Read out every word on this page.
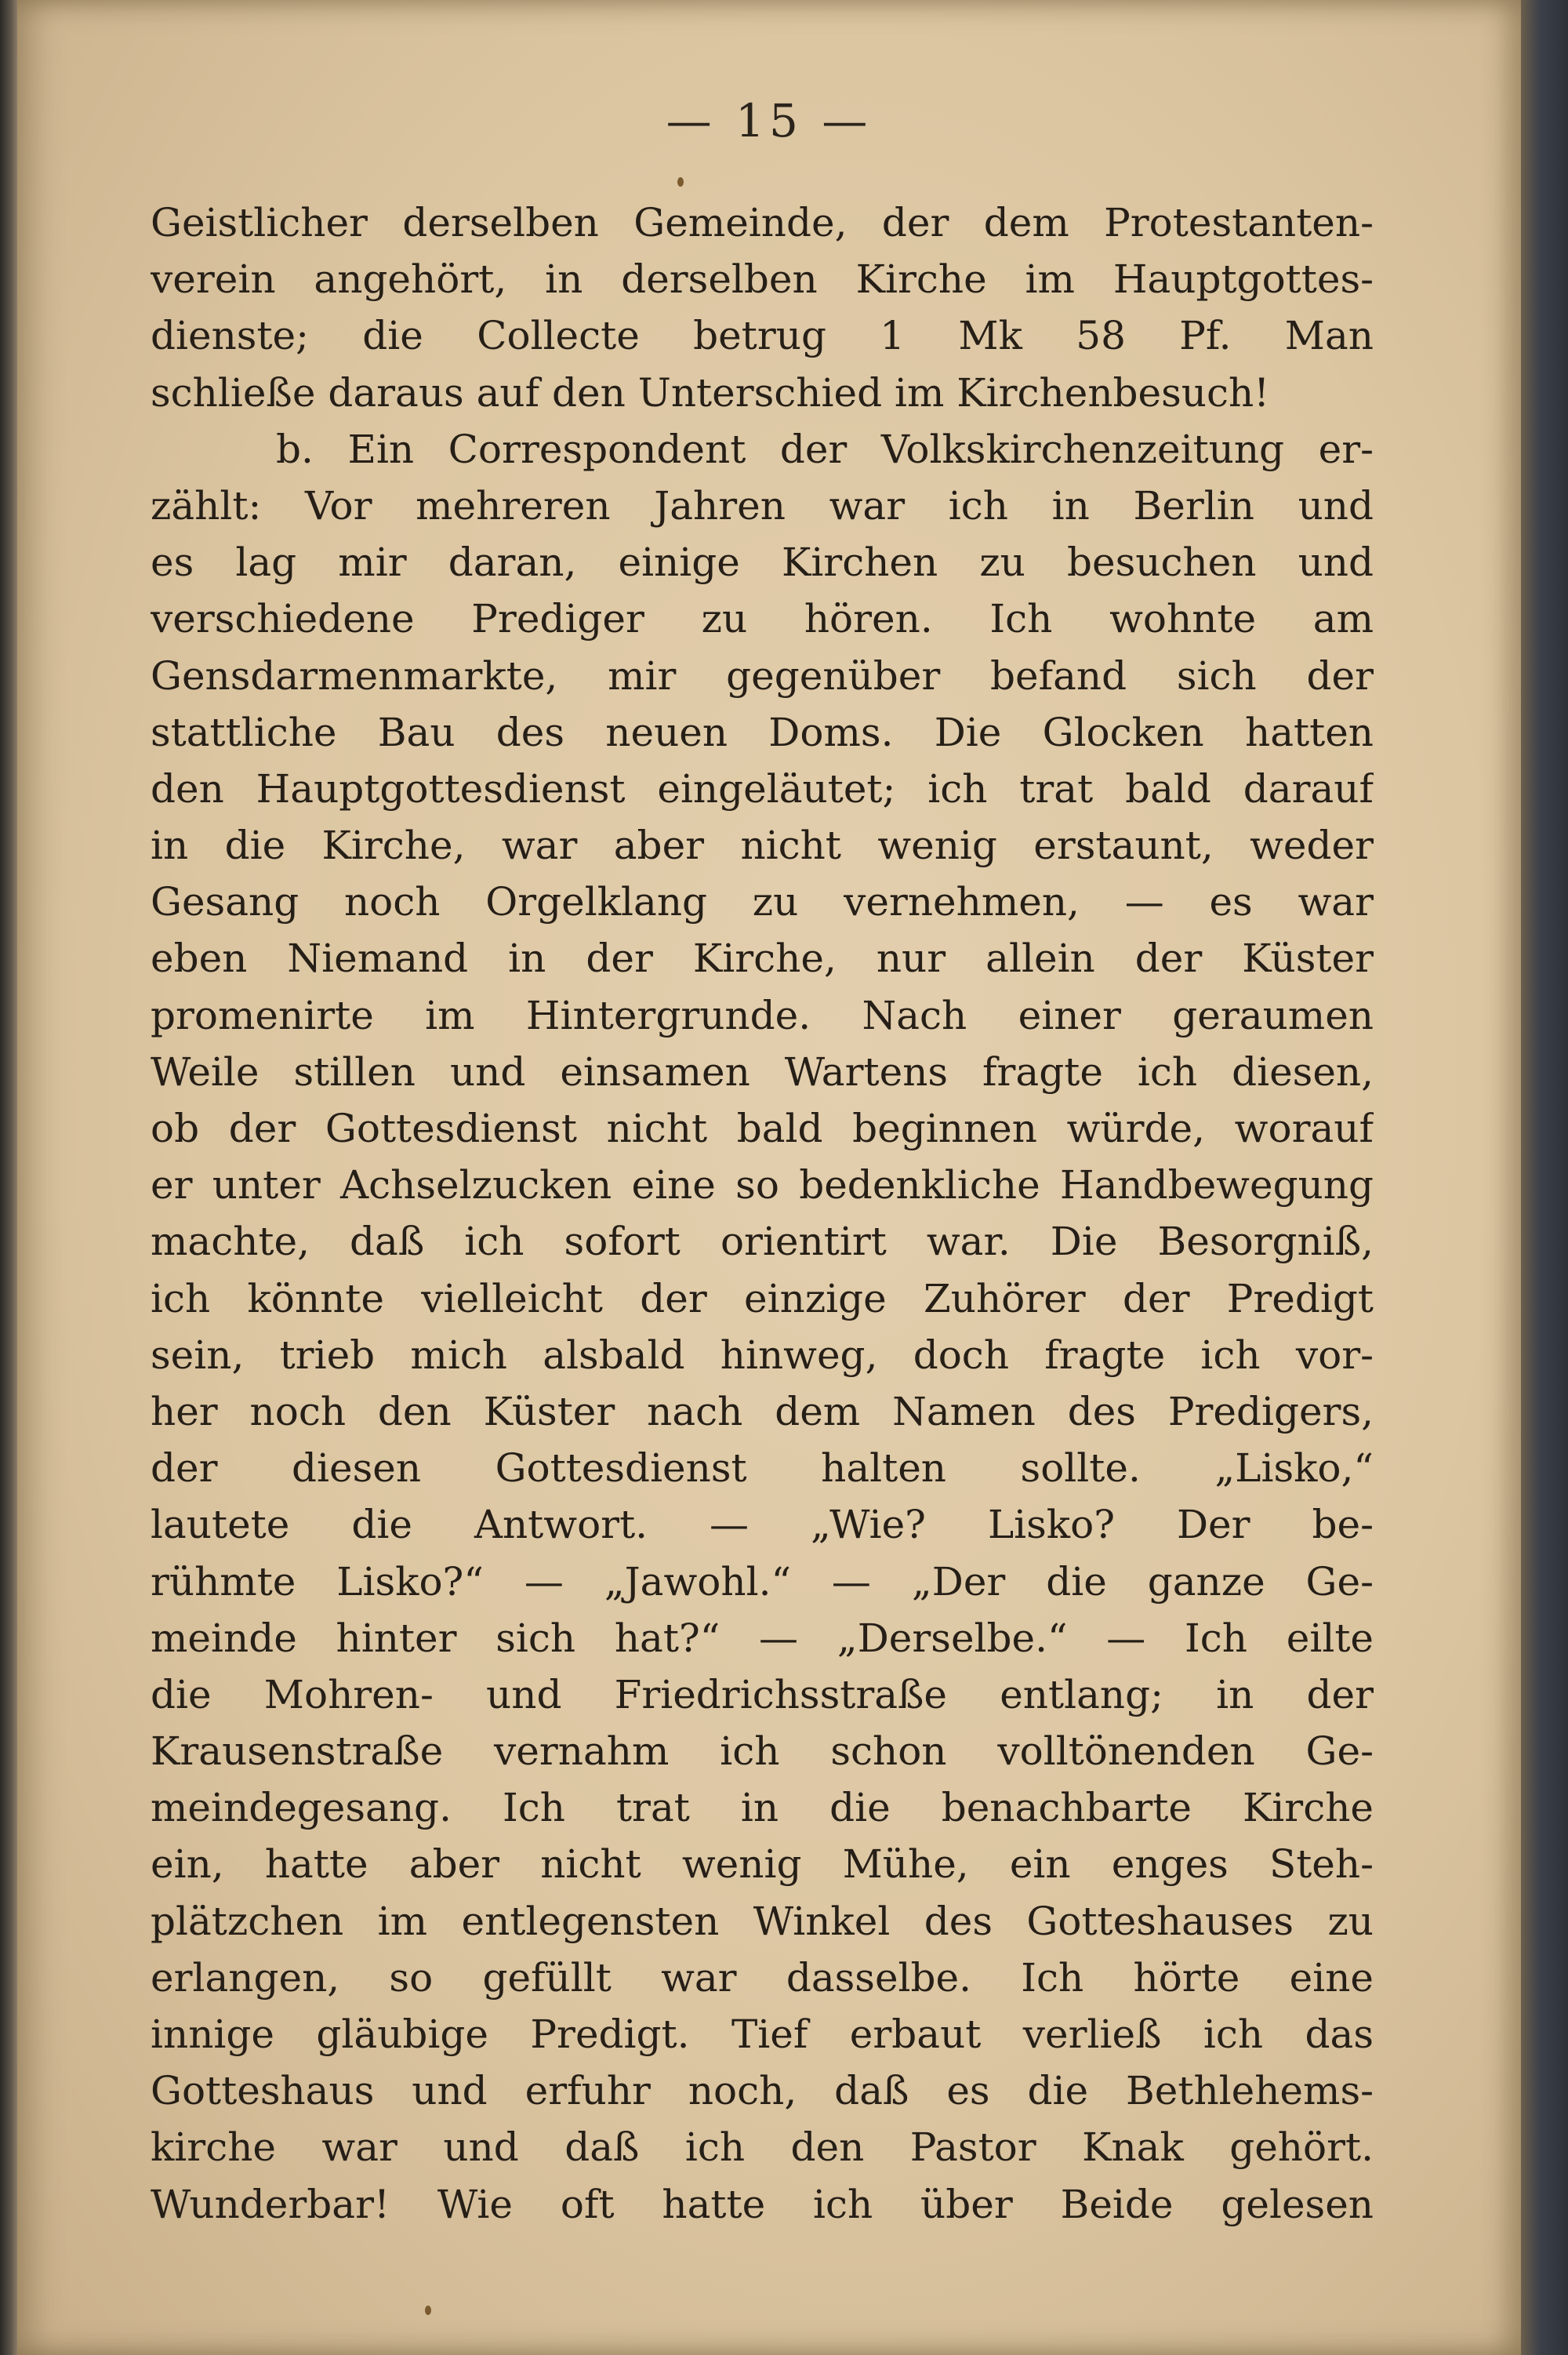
— 15 —
Geistlicher derselben Gemeinde, der dem Protestanten-
verein angehört, in derselben Kirche im Hauptgottes-
dienste; die Collecte betrug 1 Mk 58 Pf. Man
schließe daraus auf den Unterschied im Kirchenbesuch!
b. Ein Correspondent der Volkskirchenzeitung er-
zählt: Vor mehreren Jahren war ich in Berlin und
es lag mir daran, einige Kirchen zu besuchen und
verschiedene Prediger zu hören. Ich wohnte am
Gensdarmenmarkte, mir gegenüber befand sich der
stattliche Bau des neuen Doms. Die Glocken hatten
den Hauptgottesdienst eingeläutet; ich trat bald darauf
in die Kirche, war aber nicht wenig erstaunt, weder
Gesang noch Orgelklang zu vernehmen, — es war
eben Niemand in der Kirche, nur allein der Küster
promenirte im Hintergrunde. Nach einer geraumen
Weile stillen und einsamen Wartens fragte ich diesen,
ob der Gottesdienst nicht bald beginnen würde, worauf
er unter Achselzucken eine so bedenkliche Handbewegung
machte, daß ich sofort orientirt war. Die Besorgniß,
ich könnte vielleicht der einzige Zuhörer der Predigt
sein, trieb mich alsbald hinweg, doch fragte ich vor-
her noch den Küster nach dem Namen des Predigers,
der diesen Gottesdienst halten sollte. „Lisko,“
lautete die Antwort. — „Wie? Lisko? Der be-
rühmte Lisko?“ — „Jawohl.“ — „Der die ganze Ge-
meinde hinter sich hat?“ — „Derselbe.“ — Ich eilte
die Mohren- und Friedrichsstraße entlang; in der
Krausenstraße vernahm ich schon volltönenden Ge-
meindegesang. Ich trat in die benachbarte Kirche
ein, hatte aber nicht wenig Mühe, ein enges Steh-
plätzchen im entlegensten Winkel des Gotteshauses zu
erlangen, so gefüllt war dasselbe. Ich hörte eine
innige gläubige Predigt. Tief erbaut verließ ich das
Gotteshaus und erfuhr noch, daß es die Bethlehems-
kirche war und daß ich den Pastor Knak gehört.
Wunderbar! Wie oft hatte ich über Beide gelesen
